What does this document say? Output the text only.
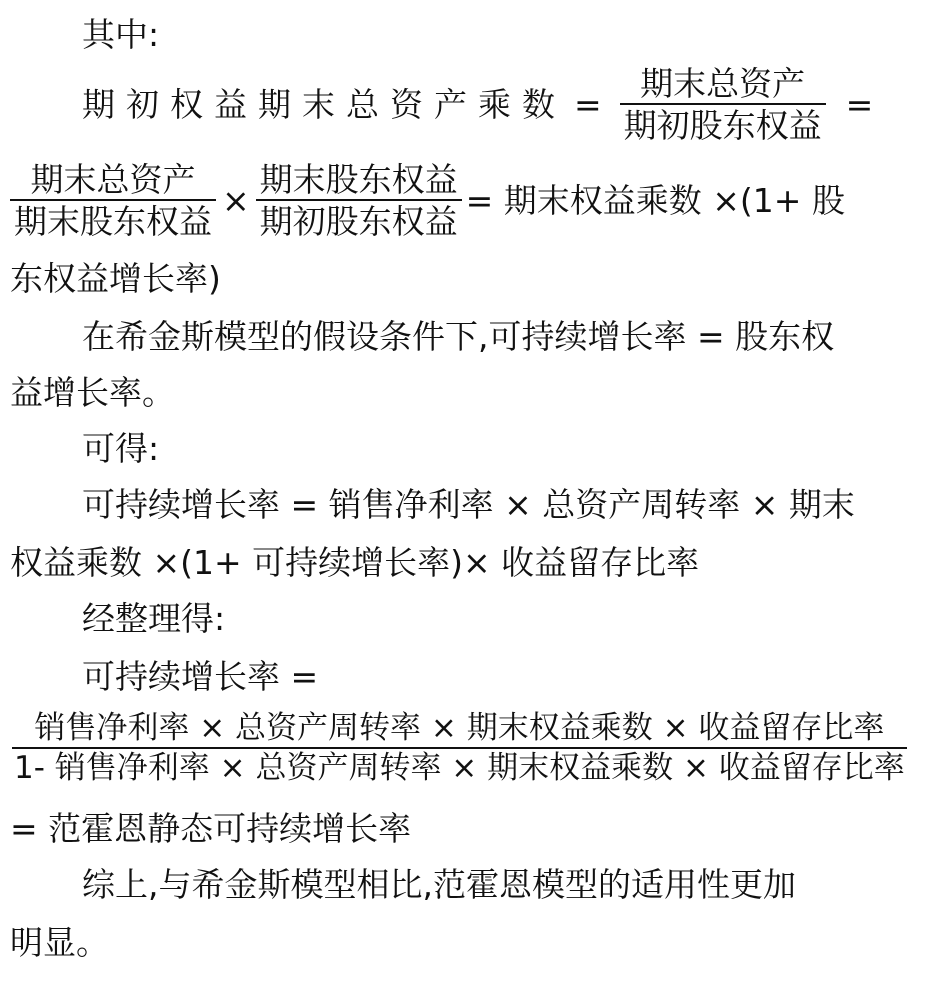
其中:
期初权益期末总资产乘数 = $\frac{\text{期末总资产}}{\text{期初股东权益}}$ =
$\frac{\text{期末总资产}}{\text{期末股东权益}} \times \frac{\text{期末股东权益}}{\text{期初股东权益}}$ = 期末权益乘数 ×(1+ 股
东权益增长率)
在希金斯模型的假设条件下,可持续增长率 = 股东权
益增长率。
可得:
可持续增长率 = 销售净利率 × 总资产周转率 × 期末
权益乘数 ×(1+ 可持续增长率)× 收益留存比率
经整理得:
可持续增长率 =
$\frac{\text{销售净利率 × 总资产周转率 × 期末权益乘数 × 收益留存比率}}{\text{1- 销售净利率 × 总资产周转率 × 期末权益乘数 × 收益留存比率}}$
= 范霍恩静态可持续增长率
综上,与希金斯模型相比,范霍恩模型的适用性更加
明显。
